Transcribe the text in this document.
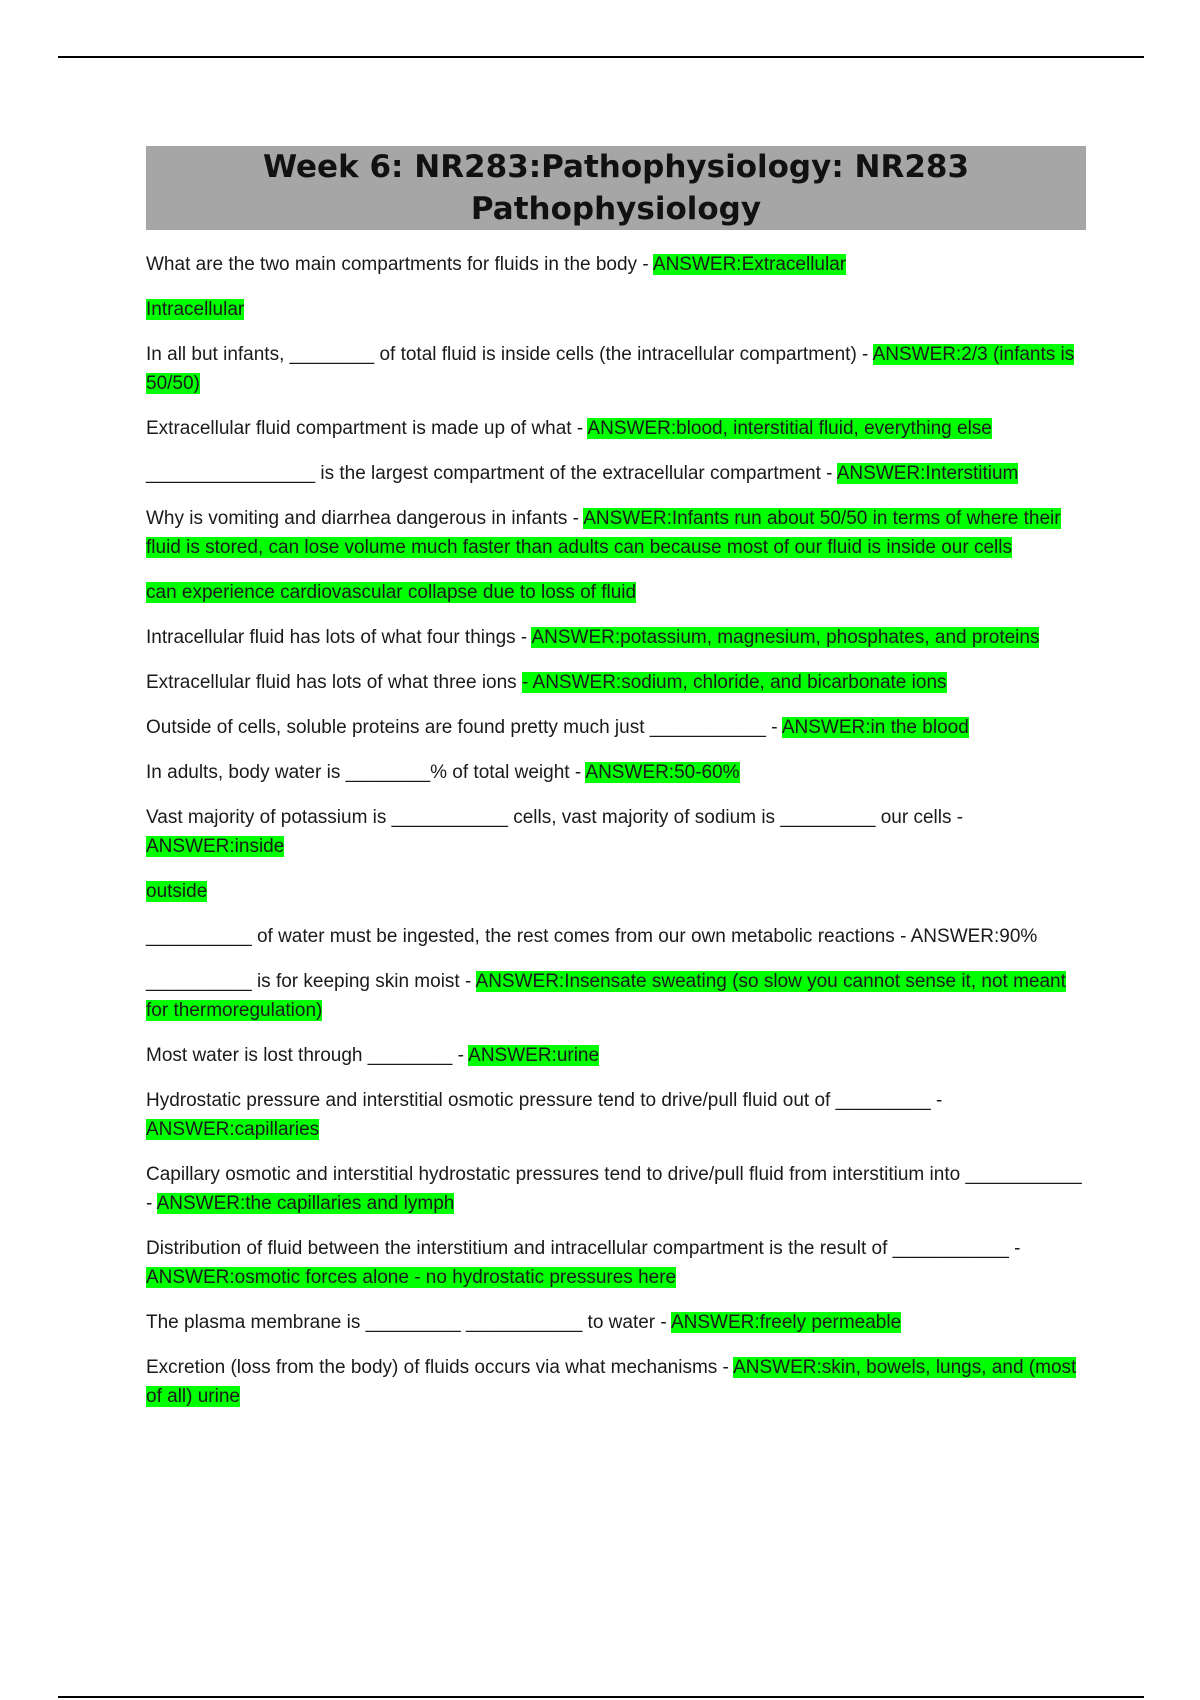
Week 6: NR283:Pathophysiology: NR283 Pathophysiology

What are the two main compartments for fluids in the body - ANSWER:Extracellular

Intracellular

In all but infants, ________ of total fluid is inside cells (the intracellular compartment) - ANSWER:2/3 (infants is 50/50)

Extracellular fluid compartment is made up of what - ANSWER:blood, interstitial fluid, everything else

________________ is the largest compartment of the extracellular compartment - ANSWER:Interstitium

Why is vomiting and diarrhea dangerous in infants - ANSWER:Infants run about 50/50 in terms of where their fluid is stored, can lose volume much faster than adults can because most of our fluid is inside our cells

can experience cardiovascular collapse due to loss of fluid

Intracellular fluid has lots of what four things - ANSWER:potassium, magnesium, phosphates, and proteins

Extracellular fluid has lots of what three ions - ANSWER:sodium, chloride, and bicarbonate ions

Outside of cells, soluble proteins are found pretty much just ___________ - ANSWER:in the blood

In adults, body water is ________% of total weight - ANSWER:50-60%

Vast majority of potassium is ___________ cells, vast majority of sodium is _________ our cells - ANSWER:inside

outside

__________ of water must be ingested, the rest comes from our own metabolic reactions - ANSWER:90%

__________ is for keeping skin moist - ANSWER:Insensate sweating (so slow you cannot sense it, not meant for thermoregulation)

Most water is lost through ________ - ANSWER:urine

Hydrostatic pressure and interstitial osmotic pressure tend to drive/pull fluid out of _________ - ANSWER:capillaries

Capillary osmotic and interstitial hydrostatic pressures tend to drive/pull fluid from interstitium into ___________ - ANSWER:the capillaries and lymph

Distribution of fluid between the interstitium and intracellular compartment is the result of ___________ - ANSWER:osmotic forces alone - no hydrostatic pressures here

The plasma membrane is _________ ___________ to water - ANSWER:freely permeable

Excretion (loss from the body) of fluids occurs via what mechanisms - ANSWER:skin, bowels, lungs, and (most of all) urine
